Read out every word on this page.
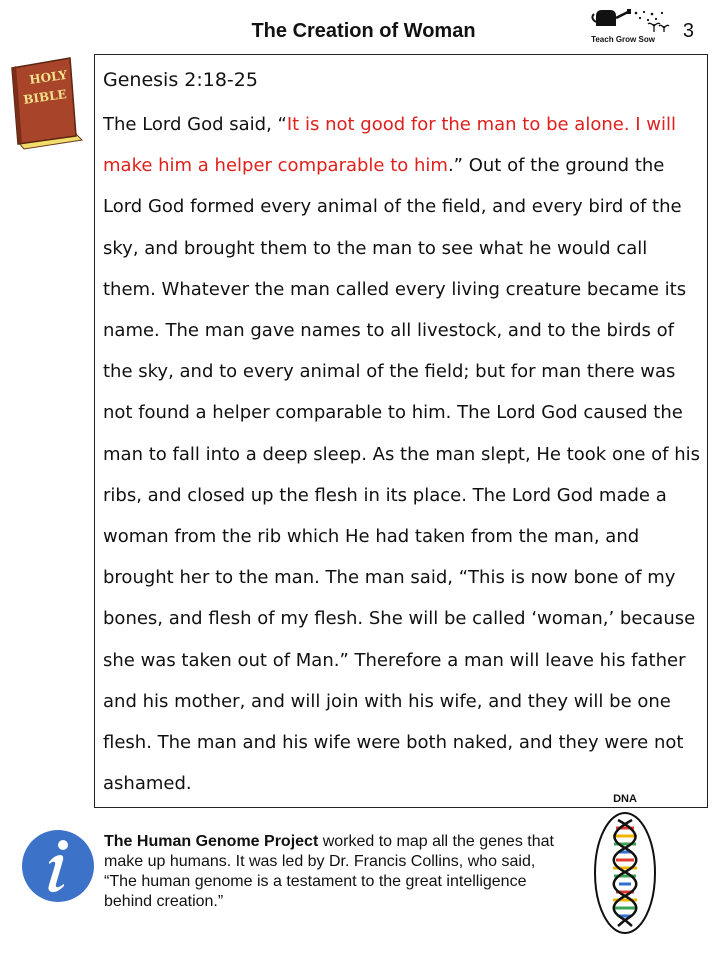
The Creation of Woman	Teach Grow Sow 3
HOLY
BIBLE
Genesis 2:18-25
The Lord God said, “It is not good for the man to be alone. I will make him a helper comparable to him.” Out of the ground the Lord God formed every animal of the field, and every bird of the sky, and brought them to the man to see what he would call them. Whatever the man called every living creature became its name. The man gave names to all livestock, and to the birds of the sky, and to every animal of the field; but for man there was not found a helper comparable to him. The Lord God caused the man to fall into a deep sleep. As the man slept, He took one of his ribs, and closed up the flesh in its place. The Lord God made a woman from the rib which He had taken from the man, and brought her to the man. The man said, “This is now bone of my bones, and flesh of my flesh. She will be called ‘woman,’ because she was taken out of Man.” Therefore a man will leave his father and his mother, and will join with his wife, and they will be one flesh. The man and his wife were both naked, and they were not ashamed.
The Human Genome Project worked to map all the genes that make up humans. It was led by Dr. Francis Collins, who said, “The human genome is a testament to the great intelligence behind creation.”
DNA
